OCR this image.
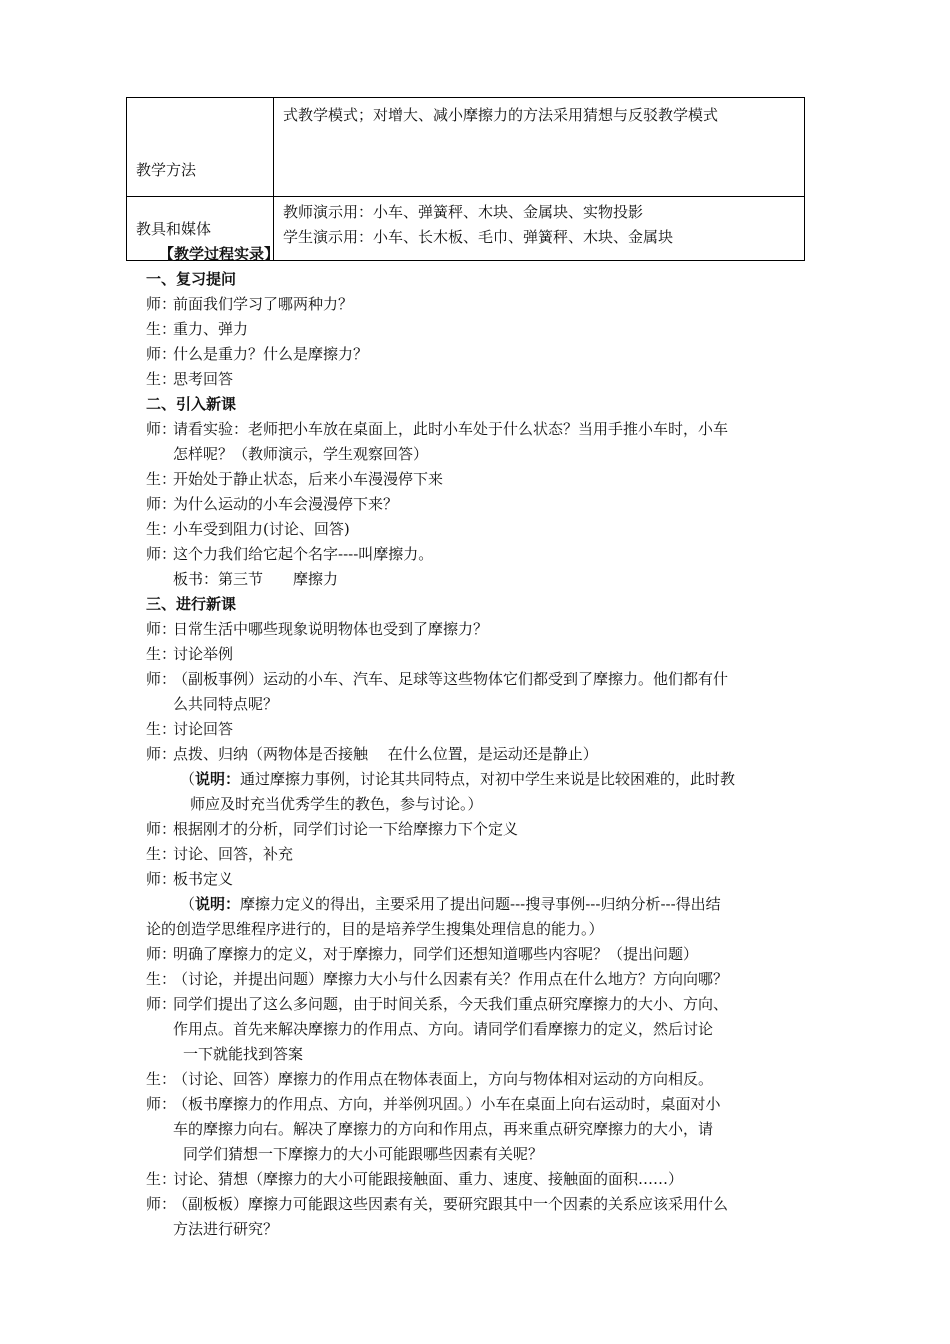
教学方法	式教学模式；对增大、减小摩擦力的方法采用猜想与反驳教学模式
教具和媒体	教师演示用：小车、弹簧秤、木块、金属块、实物投影
学生演示用：小车、长木板、毛巾、弹簧秤、木块、金属块
【教学过程实录】
一、复习提问
师：
前面我们学习了哪两种力？
生：
重力、弹力
师：
什么是重力？什么是摩擦力？
生：
思考回答
二、引入新课
师：
请看实验：老师把小车放在桌面上，此时小车处于什么状态？当用手推小车时，小车
怎样呢？（教师演示，学生观察回答）
生：
开始处于静止状态，后来小车漫漫停下来
师：
为什么运动的小车会漫漫停下来？
生：
小车受到阻力(讨论、回答)
师：
这个力我们给它起个名字----叫摩擦力。
板书：第三节　　摩擦力
三、进行新课
师：
日常生活中哪些现象说明物体也受到了摩擦力？
生：
讨论举例
师：
（副板事例）运动的小车、汽车、足球等这些物体它们都受到了摩擦力。他们都有什
么共同特点呢？
生：
讨论回答
师：
点拨、归纳（两物体是否接触　 在什么位置，是运动还是静止）
（说明：通过摩擦力事例，讨论其共同特点，对初中学生来说是比较困难的，此时教
师应及时充当优秀学生的教色，参与讨论。）
师：
根据刚才的分析，同学们讨论一下给摩擦力下个定义
生：
讨论、回答，补充
师：
板书定义
（说明：摩擦力定义的得出，主要采用了提出问题---搜寻事例---归纳分析---得出结
论的创造学思维程序进行的，目的是培养学生搜集处理信息的能力。）
师：
明确了摩擦力的定义，对于摩擦力，同学们还想知道哪些内容呢？（提出问题）
生：
（讨论，并提出问题）摩擦力大小与什么因素有关？作用点在什么地方？方向向哪？
师：
同学们提出了这么多问题，由于时间关系，今天我们重点研究摩擦力的大小、方向、
作用点。首先来解决摩擦力的作用点、方向。请同学们看摩擦力的定义，然后讨论
一下就能找到答案
生：
（讨论、回答）摩擦力的作用点在物体表面上，方向与物体相对运动的方向相反。
师：
（板书摩擦力的作用点、方向，并举例巩固。）小车在桌面上向右运动时，桌面对小
车的摩擦力向右。解决了摩擦力的方向和作用点，再来重点研究摩擦力的大小，请
同学们猜想一下摩擦力的大小可能跟哪些因素有关呢？
生：
讨论、猜想（摩擦力的大小可能跟接触面、重力、速度、接触面的面积……）
师：
（副板板）摩擦力可能跟这些因素有关，要研究跟其中一个因素的关系应该采用什么
方法进行研究？
